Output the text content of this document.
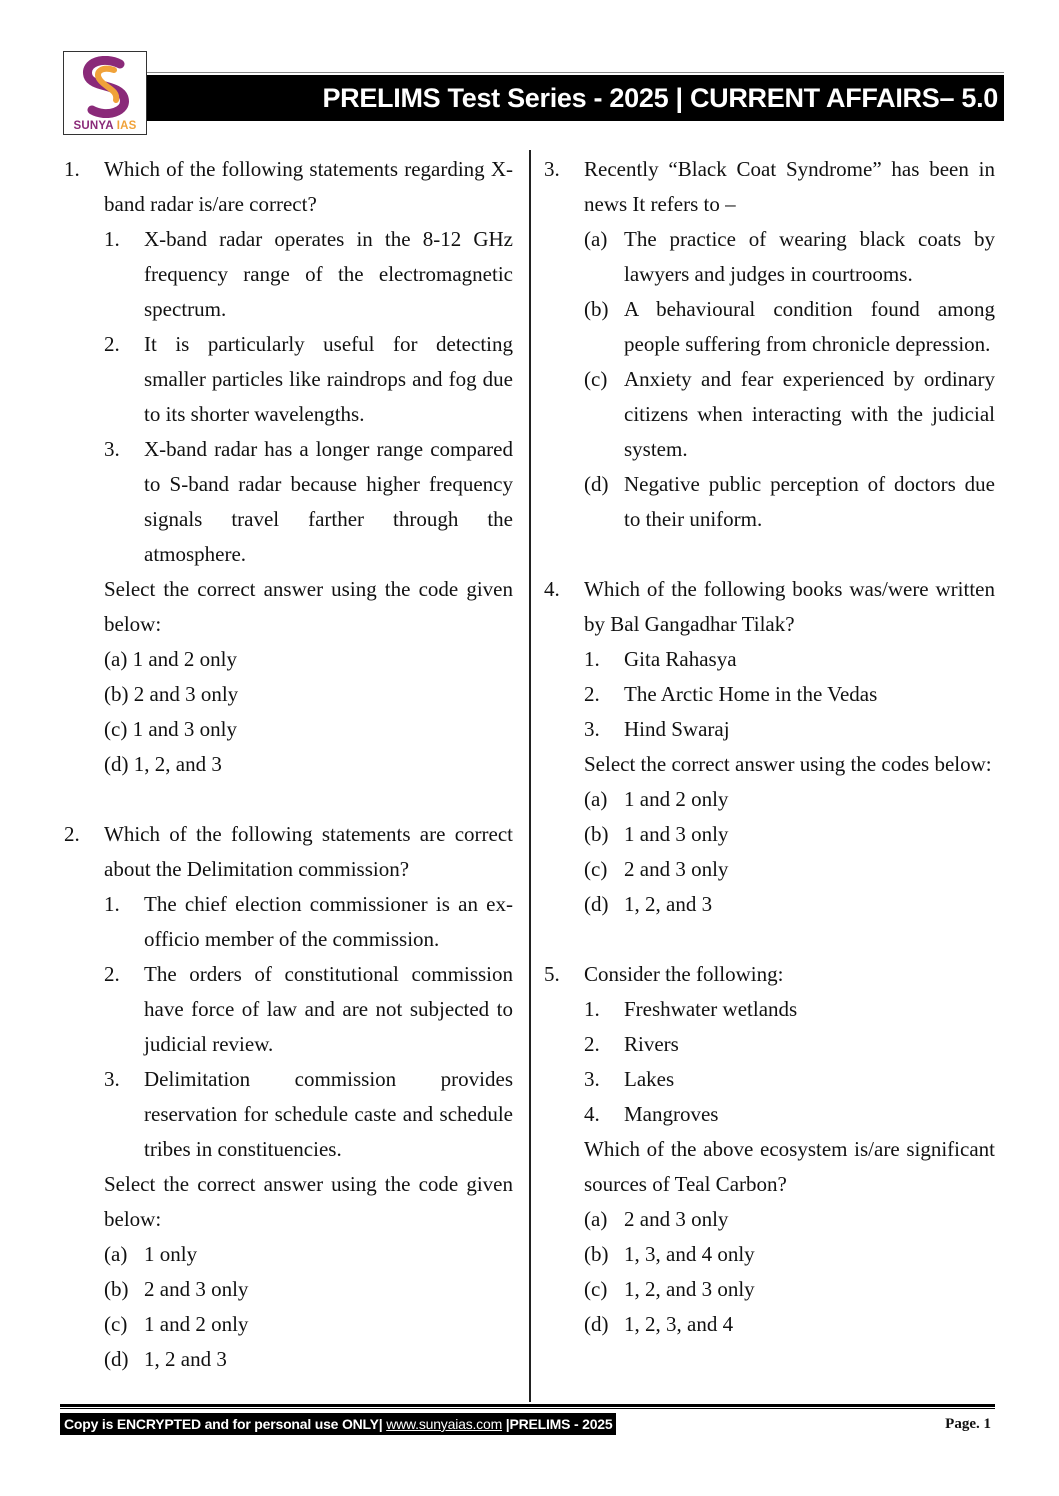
SUNYA IAS
PRELIMS Test Series - 2025 | CURRENT AFFAIRS– 5.0
1. Which of the following statements regarding X-band radar is/are correct?
1. X-band radar operates in the 8-12 GHz frequency range of the electromagnetic spectrum.
2. It is particularly useful for detecting smaller particles like raindrops and fog due to its shorter wavelengths.
3. X-band radar has a longer range compared to S-band radar because higher frequency signals travel farther through the atmosphere.
Select the correct answer using the code given below:
(a) 1 and 2 only
(b) 2 and 3 only
(c) 1 and 3 only
(d) 1, 2, and 3
2. Which of the following statements are correct about the Delimitation commission?
1. The chief election commissioner is an ex-officio member of the commission.
2. The orders of constitutional commission have force of law and are not subjected to judicial review.
3. Delimitation commission provides reservation for schedule caste and schedule tribes in constituencies.
Select the correct answer using the code given below:
(a) 1 only
(b) 2 and 3 only
(c) 1 and 2 only
(d) 1, 2 and 3
3. Recently “Black Coat Syndrome” has been in news It refers to –
(a) The practice of wearing black coats by lawyers and judges in courtrooms.
(b) A behavioural condition found among people suffering from chronicle depression.
(c) Anxiety and fear experienced by ordinary citizens when interacting with the judicial system.
(d) Negative public perception of doctors due to their uniform.
4. Which of the following books was/were written by Bal Gangadhar Tilak?
1. Gita Rahasya
2. The Arctic Home in the Vedas
3. Hind Swaraj
Select the correct answer using the codes below:
(a) 1 and 2 only
(b) 1 and 3 only
(c) 2 and 3 only
(d) 1, 2, and 3
5. Consider the following:
1. Freshwater wetlands
2. Rivers
3. Lakes
4. Mangroves
Which of the above ecosystem is/are significant sources of Teal Carbon?
(a) 2 and 3 only
(b) 1, 3, and 4 only
(c) 1, 2, and 3 only
(d) 1, 2, 3, and 4
Copy is ENCRYPTED and for personal use ONLY| www.sunyaias.com |PRELIMS - 2025	Page. 1
